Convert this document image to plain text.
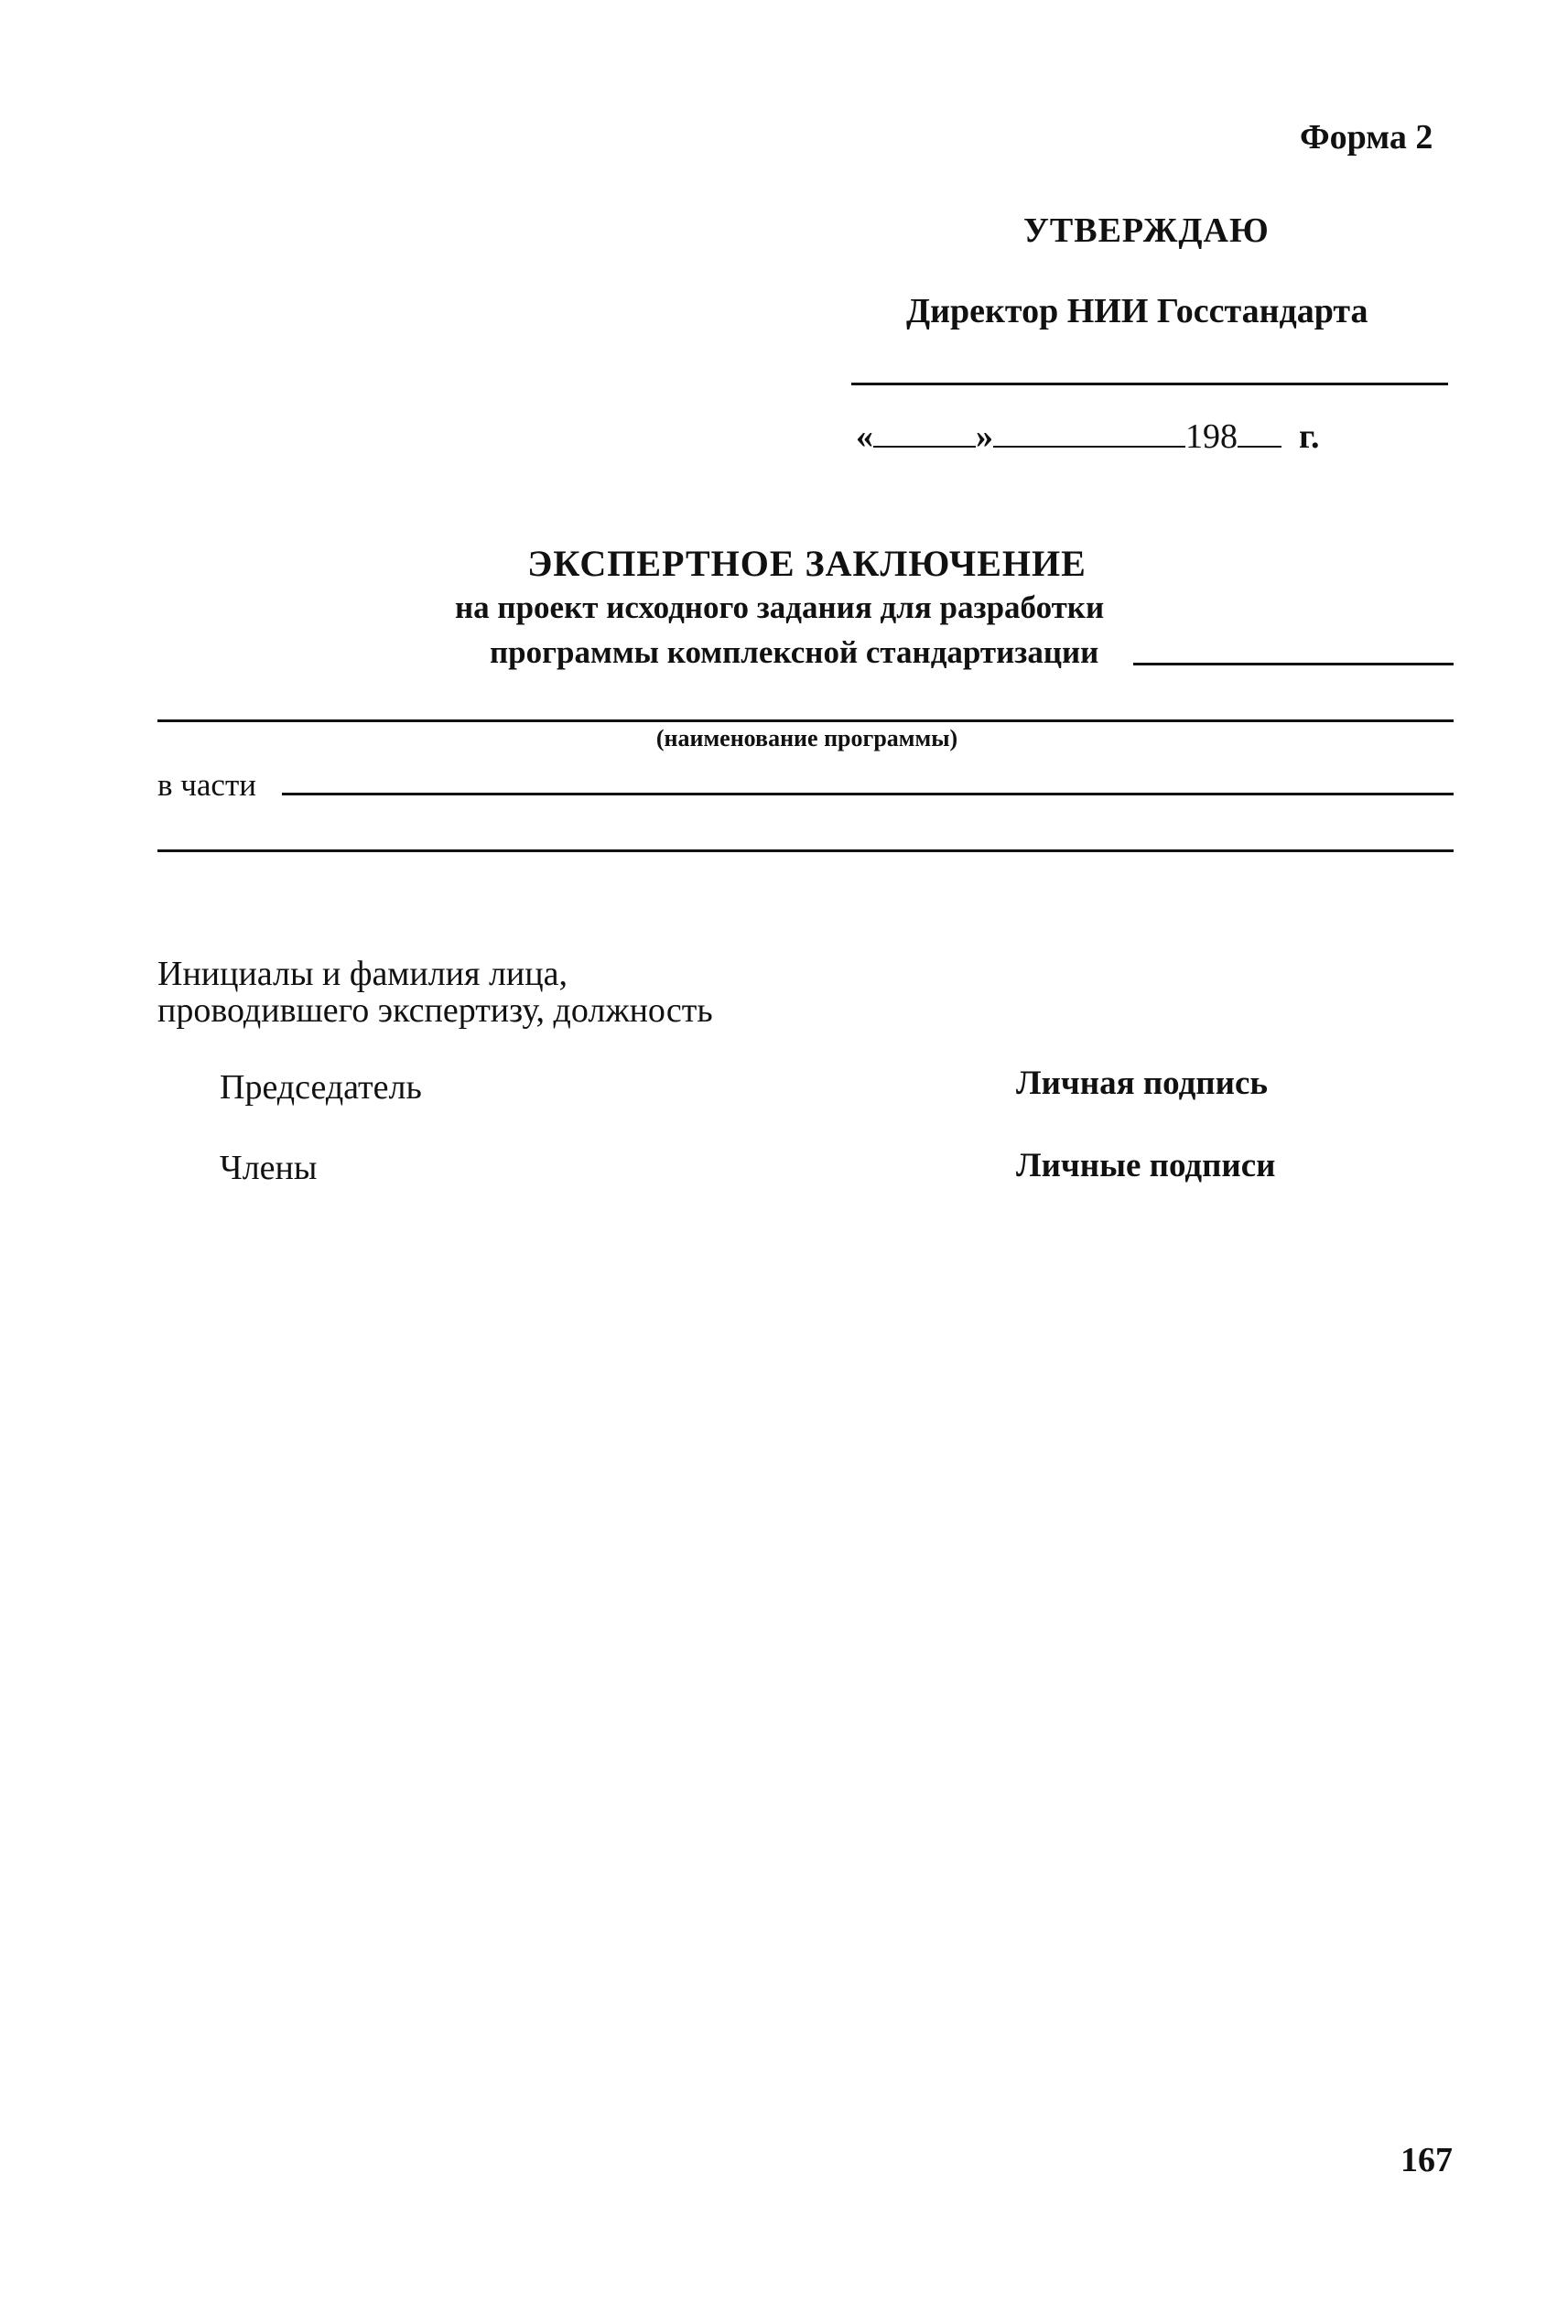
Форма 2
УТВЕРЖДАЮ
Директор НИИ Госстандарта
«	»	198 г.
ЭКСПЕРТНОЕ ЗАКЛЮЧЕНИЕ
на проект исходного задания для разработки
программы комплексной стандартизации
(наименование программы)
в части
Инициалы и фамилия лица,
проводившего экспертизу, должность
Председатель	Личная подпись
Члены	Личные подписи
167
